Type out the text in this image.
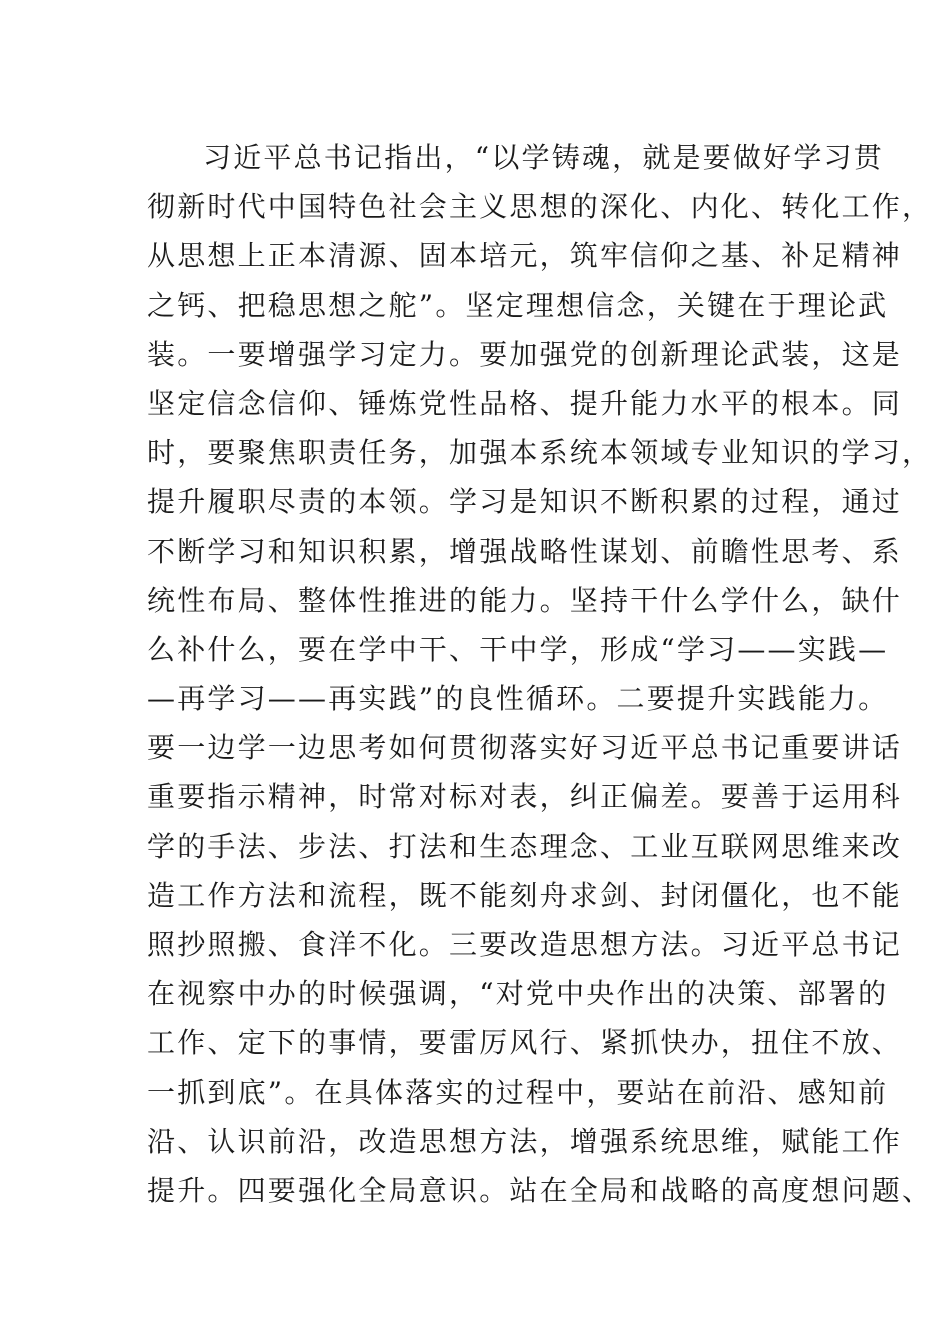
习近平总书记指出，“以学铸魂，就是要做好学习贯
彻新时代中国特色社会主义思想的深化、内化、转化工作，
从思想上正本清源、固本培元，筑牢信仰之基、补足精神
之钙、把稳思想之舵”。坚定理想信念，关键在于理论武
装。一要增强学习定力。要加强党的创新理论武装，这是
坚定信念信仰、锤炼党性品格、提升能力水平的根本。同
时，要聚焦职责任务，加强本系统本领域专业知识的学习，
提升履职尽责的本领。学习是知识不断积累的过程，通过
不断学习和知识积累，增强战略性谋划、前瞻性思考、系
统性布局、整体性推进的能力。坚持干什么学什么，缺什
么补什么，要在学中干、干中学，形成“学习——实践—
—再学习——再实践”的良性循环。二要提升实践能力。
要一边学一边思考如何贯彻落实好习近平总书记重要讲话
重要指示精神，时常对标对表，纠正偏差。要善于运用科
学的手法、步法、打法和生态理念、工业互联网思维来改
造工作方法和流程，既不能刻舟求剑、封闭僵化，也不能
照抄照搬、食洋不化。三要改造思想方法。习近平总书记
在视察中办的时候强调，“对党中央作出的决策、部署的
工作、定下的事情，要雷厉风行、紧抓快办，扭住不放、
一抓到底”。在具体落实的过程中，要站在前沿、感知前
沿、认识前沿，改造思想方法，增强系统思维，赋能工作
提升。四要强化全局意识。站在全局和战略的高度想问题、
